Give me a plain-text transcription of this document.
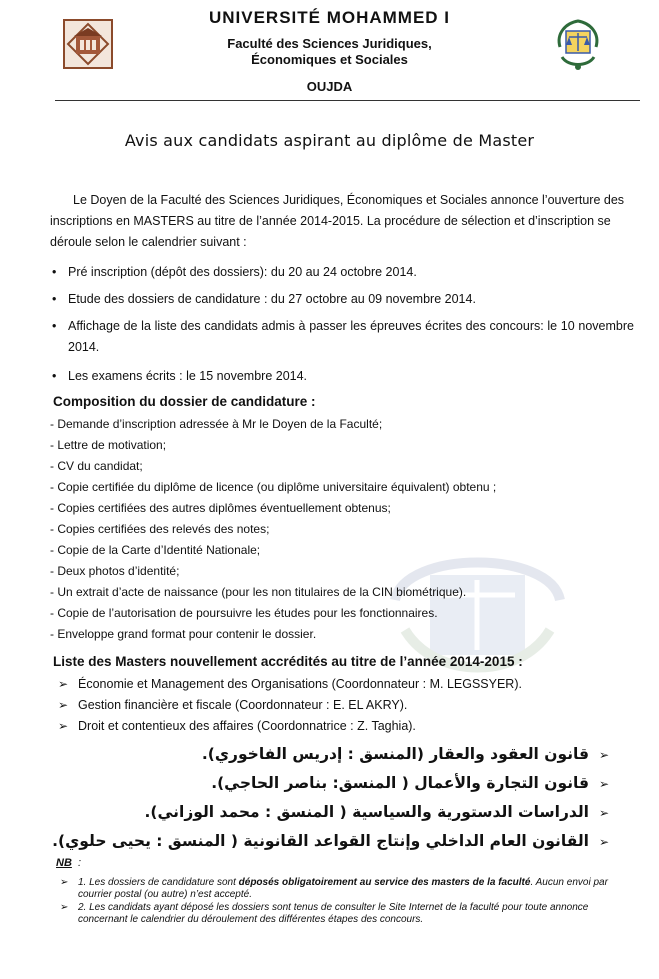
UNIVERSITÉ MOHAMMED I
Faculté des Sciences Juridiques,
Économiques et Sociales
OUJDA
Avis aux candidats aspirant au diplôme de Master
Le Doyen de la Faculté des Sciences Juridiques, Économiques et Sociales annonce l’ouverture des
inscriptions en MASTERS au titre de l’année 2014-2015. La procédure de sélection et d’inscription se
déroule selon le calendrier suivant :
• Pré inscription (dépôt des dossiers): du 20 au 24 octobre 2014.
• Etude des dossiers de candidature : du 27 octobre au 09 novembre 2014.
• Affichage de la liste des candidats admis à passer les épreuves écrites des concours: le 10 novembre 2014.
• Les examens écrits : le 15 novembre 2014.
Composition du dossier de candidature :
- Demande d’inscription adressée à Mr le Doyen de la Faculté;
- Lettre de motivation;
- CV du candidat;
- Copie certifiée du diplôme de licence (ou diplôme universitaire équivalent) obtenu ;
- Copies certifiées des autres diplômes éventuellement obtenus;
- Copies certifiées des relevés des notes;
- Copie de la Carte d’Identité Nationale;
- Deux photos d’identité;
- Un extrait d’acte de naissance (pour les non titulaires de la CIN biométrique).
- Copie de l’autorisation de poursuivre les études pour les fonctionnaires.
- Enveloppe grand format pour contenir le dossier.
Liste des Masters nouvellement accrédités au titre de l’année 2014-2015 :
➢ Économie et Management des Organisations (Coordonnateur : M. LEGSSYER).
➢ Gestion financière et fiscale (Coordonnateur : E. EL AKRY).
➢ Droit et contentieux des affaires (Coordonnatrice : Z. Taghia).
➢قانون العقود والعقار (المنسق : إدريس الفاخوري).
➢قانون التجارة والأعمال ( المنسق: بناصر الحاجي).
➢الدراسات الدستورية والسياسية ( المنسق : محمد الوزاني).
➢القانون العام الداخلي وإنتاج القواعد القانونية ( المنسق : يحيى حلوي).
NB :
➢ 1. Les dossiers de candidature sont déposés obligatoirement au service des masters de la faculté. Aucun envoi par courrier postal (ou autre) n’est accepté.
➢ 2. Les candidats ayant déposé les dossiers sont tenus de consulter le Site Internet de la faculté pour toute annonce concernant le calendrier du déroulement des différentes étapes des concours.
